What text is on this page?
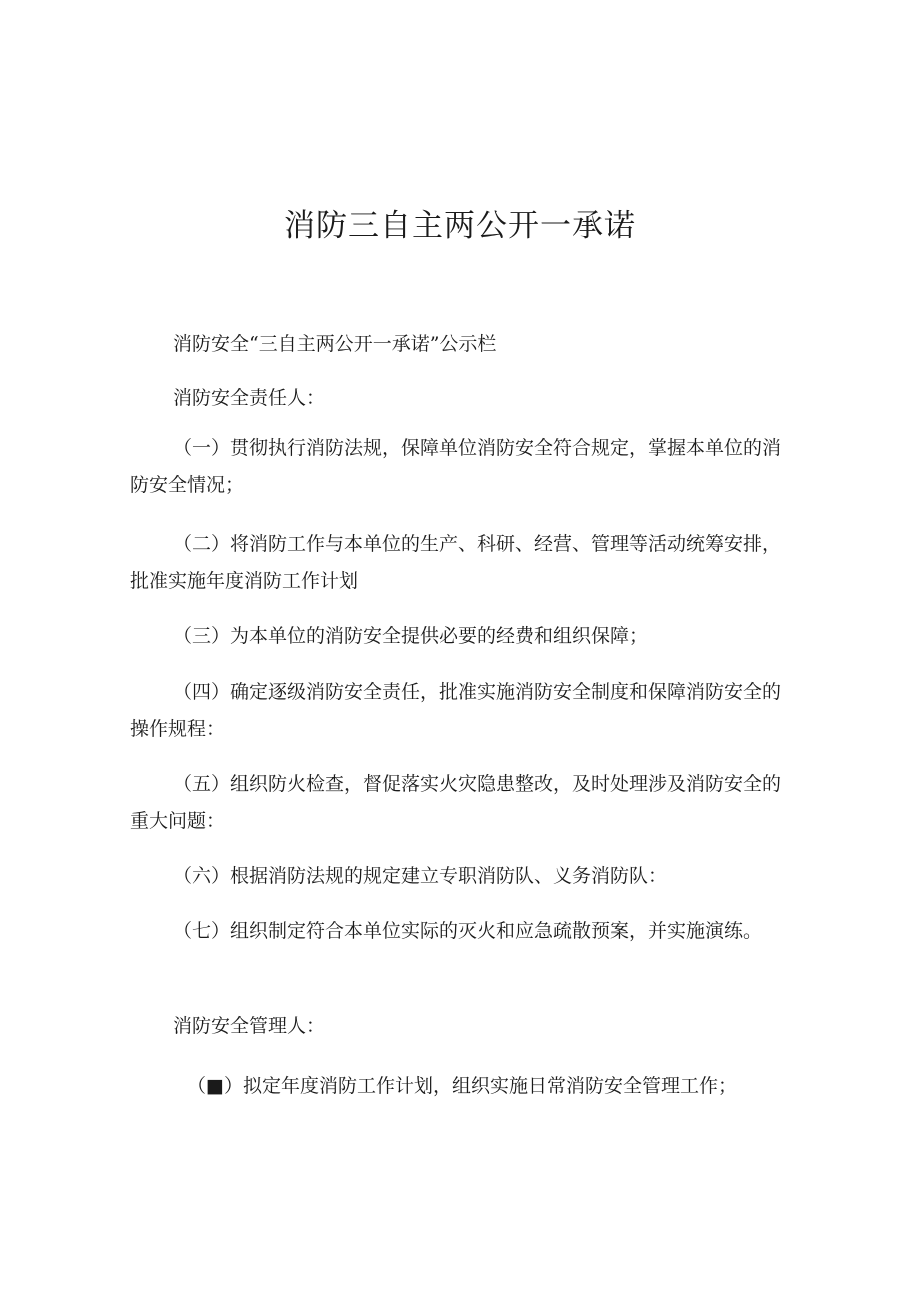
消防三自主两公开一承诺

消防安全“三自主两公开一承诺”公示栏

消防安全责任人：

（一）贯彻执行消防法规，保障单位消防安全符合规定，掌握本单位的消防安全情况；

（二）将消防工作与本单位的生产、科研、经营、管理等活动统筹安排，批准实施年度消防工作计划

（三）为本单位的消防安全提供必要的经费和组织保障；

（四）确定逐级消防安全责任，批准实施消防安全制度和保障消防安全的操作规程：

（五）组织防火检查，督促落实火灾隐患整改，及时处理涉及消防安全的重大问题：

（六）根据消防法规的规定建立专职消防队、义务消防队：

（七）组织制定符合本单位实际的灭火和应急疏散预案，并实施演练。

消防安全管理人：

（■）拟定年度消防工作计划，组织实施日常消防安全管理工作；
